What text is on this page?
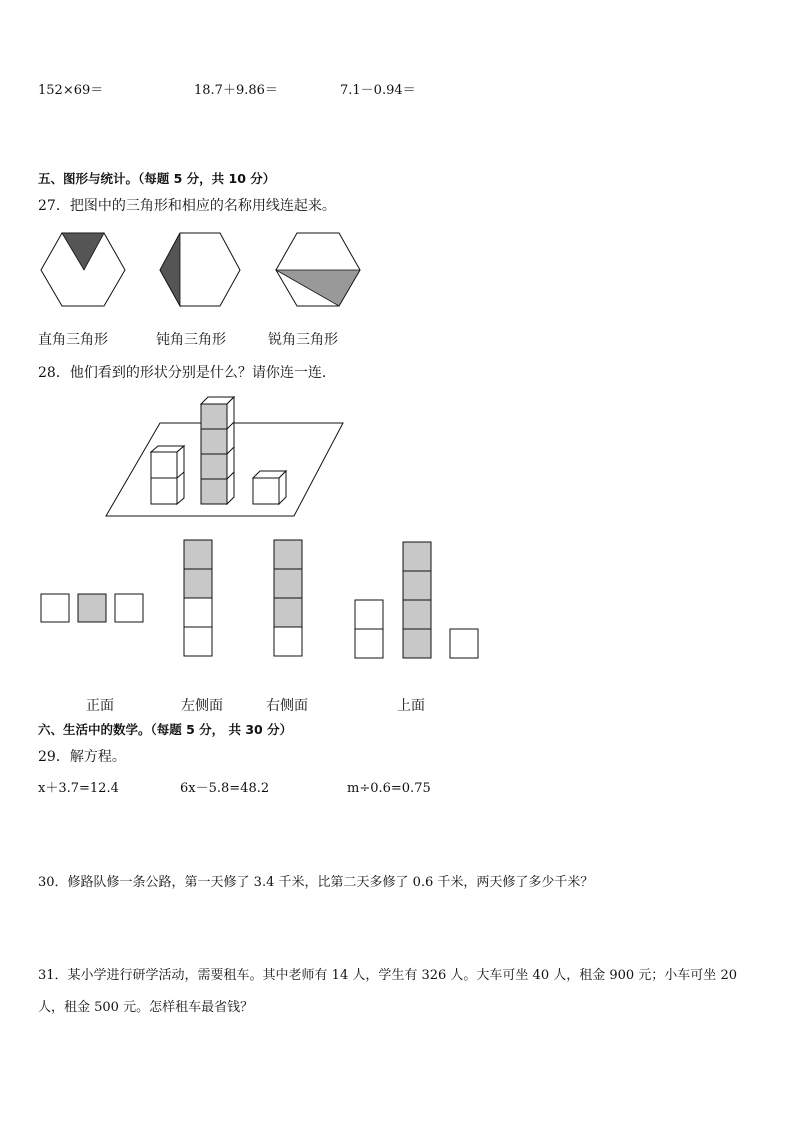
152×69＝	18.7＋9.86＝	7.1－0.94＝
五、图形与统计。（每题 5 分，共 10 分）
27．把图中的三角形和相应的名称用线连起来。
直角三角形	钝角三角形	锐角三角形
28．他们看到的形状分别是什么？请你连一连.
正面	左侧面	右侧面	上面
六、生活中的数学。（每题 5 分， 共 30 分）
29．解方程。
x＋3.7=12.4	6x－5.8=48.2	m÷0.6=0.75
30．修路队修一条公路，第一天修了 3.4 千米，比第二天多修了 0.6 千米，两天修了多少千米？
31．某小学进行研学活动，需要租车。其中老师有 14 人，学生有 326 人。大车可坐 40 人，租金 900 元；小车可坐 20
人，租金 500 元。怎样租车最省钱？
